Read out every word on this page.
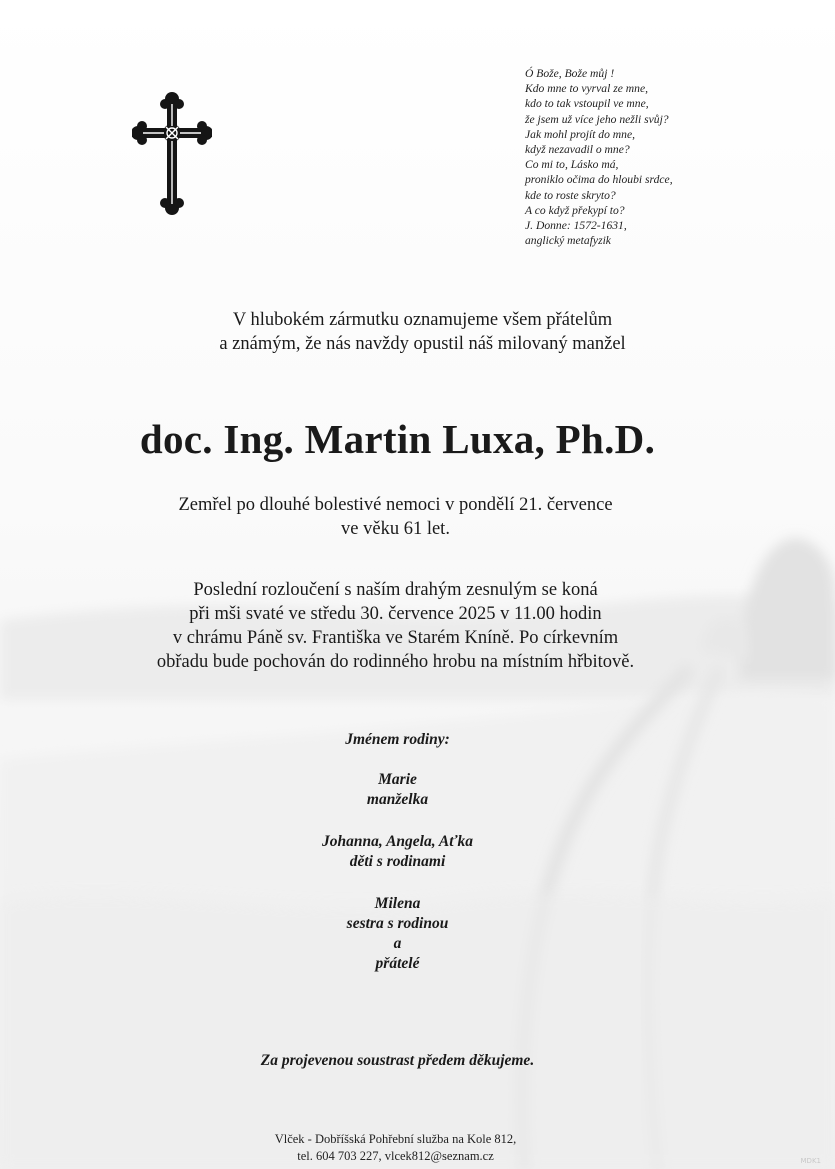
Ó Bože, Bože můj !
Kdo mne to vyrval ze mne,
kdo to tak vstoupil ve mne,
že jsem už více jeho nežli svůj?
Jak mohl projít do mne,
když nezavadil o mne?
Co mi to, Lásko má,
proniklo očima do hloubi srdce,
kde to roste skryto?
A co když překypí to?
J. Donne: 1572-1631,
anglický metafyzik
V hlubokém zármutku oznamujeme všem přátelům
a známým, že nás navždy opustil náš milovaný manžel
doc. Ing. Martin Luxa, Ph.D.
Zemřel po dlouhé bolestivé nemoci v pondělí 21. července
ve věku 61 let.
Poslední rozloučení s naším drahým zesnulým se koná
při mši svaté ve středu 30. července 2025 v 11.00 hodin
v chrámu Páně sv. Františka ve Starém Kníně. Po církevním
obřadu bude pochován do rodinného hrobu na místním hřbitově.
Jménem rodiny:
Marie
manželka
Johanna, Angela, Aťka
děti s rodinami
Milena
sestra s rodinou
a
přátelé
Za projevenou soustrast předem děkujeme.
Vlček - Dobříšská Pohřební služba na Kole 812,
tel. 604 703 227, vlcek812@seznam.cz	MDK1
